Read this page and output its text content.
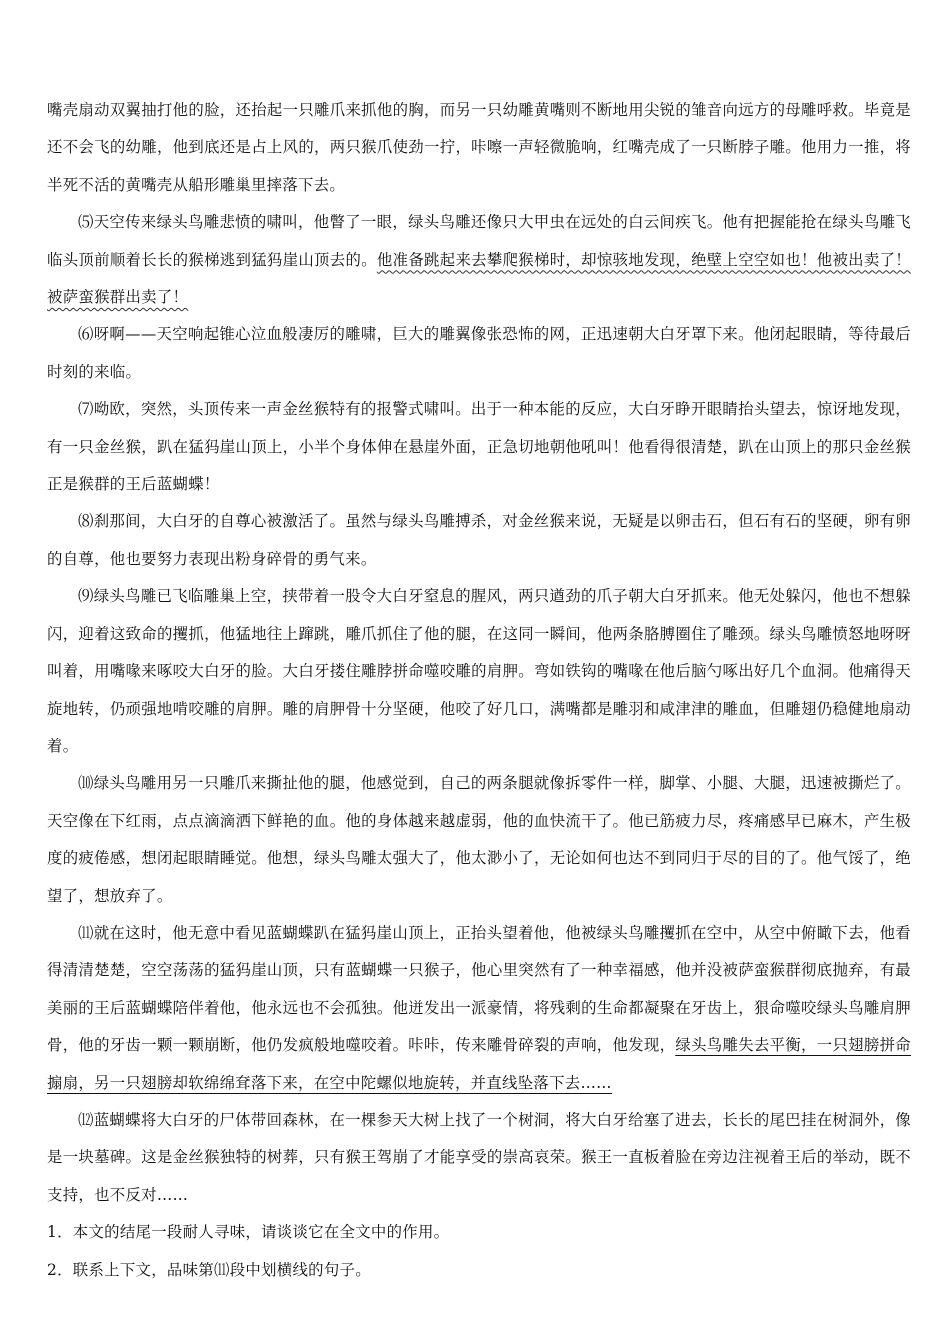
嘴壳扇动双翼抽打他的脸，还抬起一只雕爪来抓他的胸，而另一只幼雕黄嘴则不断地用尖锐的雏音向远方的母雕呼救。毕竟是还不会飞的幼雕，他到底还是占上风的，两只猴爪使劲一拧，咔嚓一声轻微脆响，红嘴壳成了一只断脖子雕。他用力一推，将半死不活的黄嘴壳从船形雕巢里摔落下去。

⑸天空传来绿头鸟雕悲愤的啸叫，他瞥了一眼，绿头鸟雕还像只大甲虫在远处的白云间疾飞。他有把握能抢在绿头鸟雕飞临头顶前顺着长长的猴梯逃到猛犸崖山顶去的。他准备跳起来去攀爬猴梯时，却惊骇地发现，绝壁上空空如也！他被出卖了！被萨蛮猴群出卖了！

⑹呀啊——天空响起锥心泣血般凄厉的雕啸，巨大的雕翼像张恐怖的网，正迅速朝大白牙罩下来。他闭起眼睛，等待最后时刻的来临。

⑺呦欧，突然，头顶传来一声金丝猴特有的报警式啸叫。出于一种本能的反应，大白牙睁开眼睛抬头望去，惊讶地发现，有一只金丝猴，趴在猛犸崖山顶上，小半个身体伸在悬崖外面，正急切地朝他吼叫！他看得很清楚，趴在山顶上的那只金丝猴正是猴群的王后蓝蝴蝶！

⑻刹那间，大白牙的自尊心被激活了。虽然与绿头鸟雕搏杀，对金丝猴来说，无疑是以卵击石，但石有石的坚硬，卵有卵的自尊，他也要努力表现出粉身碎骨的勇气来。

⑼绿头鸟雕已飞临雕巢上空，挟带着一股令大白牙窒息的腥风，两只遒劲的爪子朝大白牙抓来。他无处躲闪，他也不想躲闪，迎着这致命的攫抓，他猛地往上蹿跳，雕爪抓住了他的腿，在这同一瞬间，他两条胳膊圈住了雕颈。绿头鸟雕愤怒地呀呀叫着，用嘴喙来啄咬大白牙的脸。大白牙搂住雕脖拼命噬咬雕的肩胛。弯如铁钩的嘴喙在他后脑勺啄出好几个血洞。他痛得天旋地转，仍顽强地啃咬雕的肩胛。雕的肩胛骨十分坚硬，他咬了好几口，满嘴都是雕羽和咸津津的雕血，但雕翅仍稳健地扇动着。

⑽绿头鸟雕用另一只雕爪来撕扯他的腿，他感觉到，自己的两条腿就像拆零件一样，脚掌、小腿、大腿，迅速被撕烂了。天空像在下红雨，点点滴滴洒下鲜艳的血。他的身体越来越虚弱，他的血快流干了。他已筋疲力尽，疼痛感早已麻木，产生极度的疲倦感，想闭起眼睛睡觉。他想，绿头鸟雕太强大了，他太渺小了，无论如何也达不到同归于尽的目的了。他气馁了，绝望了，想放弃了。

⑾就在这时，他无意中看见蓝蝴蝶趴在猛犸崖山顶上，正抬头望着他，他被绿头鸟雕攫抓在空中，从空中俯瞰下去，他看得清清楚楚，空空荡荡的猛犸崖山顶，只有蓝蝴蝶一只猴子，他心里突然有了一种幸福感，他并没被萨蛮猴群彻底抛弃，有最美丽的王后蓝蝴蝶陪伴着他，他永远也不会孤独。他迸发出一派豪情，将残剩的生命都凝聚在牙齿上，狠命噬咬绿头鸟雕肩胛骨，他的牙齿一颗一颗崩断，他仍发疯般地噬咬着。咔咔，传来雕骨碎裂的声响，他发现，绿头鸟雕失去平衡，一只翅膀拼命搧扇，另一只翅膀却软绵绵耷落下来，在空中陀螺似地旋转，并直线坠落下去……

⑿蓝蝴蝶将大白牙的尸体带回森林，在一棵参天大树上找了一个树洞，将大白牙给塞了进去，长长的尾巴挂在树洞外，像是一块墓碑。这是金丝猴独特的树葬，只有猴王驾崩了才能享受的崇高哀荣。猴王一直板着脸在旁边注视着王后的举动，既不支持，也不反对……

1．本文的结尾一段耐人寻味，请谈谈它在全文中的作用。

2．联系上下文，品味第⑾段中划横线的句子。
